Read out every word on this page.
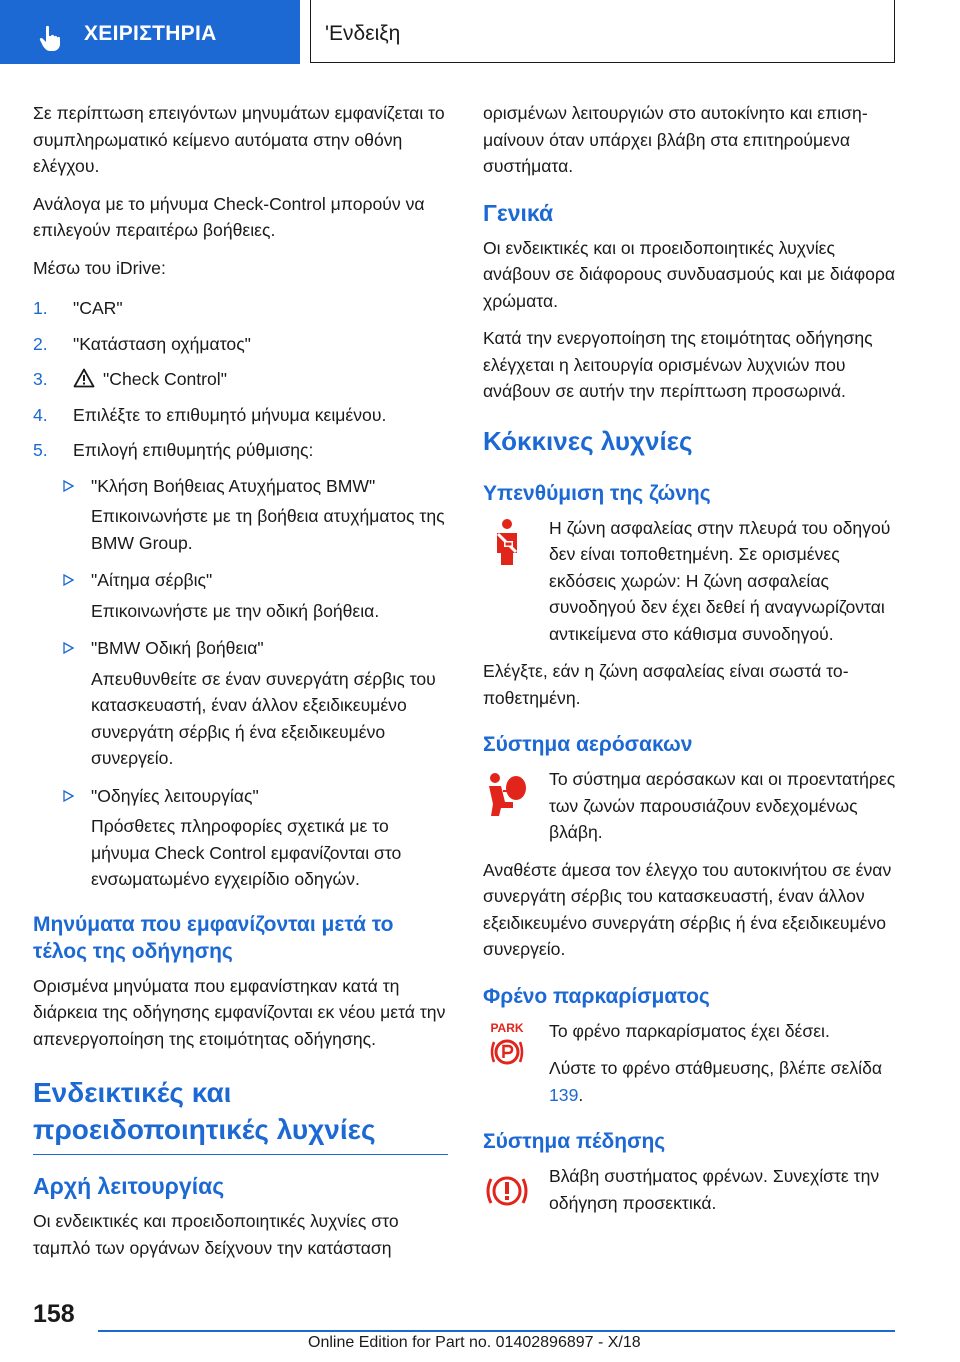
ΧΕΙΡΙΣΤΗΡΙΑ	'Ενδειξη

Σε περίπτωση επειγόντων μηνυμάτων εμφανίζεται το συμπληρωματικό κείμενο αυτόματα στην οθόνη ελέγχου.

Ανάλογα με το μήνυμα Check-Control μπορούν να επιλεγούν περαιτέρω βοήθειες.

Μέσω του iDrive:

1. "CAR"
2. "Κατάσταση οχήματος"
3.	"Check Control"
4. Επιλέξτε το επιθυμητό μήνυμα κειμένου.
5. Επιλογή επιθυμητής ρύθμισης:
"Κλήση Βοήθειας Ατυχήματος BMW"
Επικοινωνήστε με τη βοήθεια ατυχήματος της BMW Group.
"Αίτημα σέρβις"
Επικοινωνήστε με την οδική βοήθεια.
"BMW Οδική βοήθεια"
Απευθυνθείτε σε έναν συνεργάτη σέρβις του κατασκευαστή, έναν άλλον εξειδικευμένο συνεργάτη σέρβις ή ένα εξειδικευμένο συνεργείο.
"Οδηγίες λειτουργίας"
Πρόσθετες πληροφορίες σχετικά με το μήνυμα Check Control εμφανίζονται στο ενσωματωμένο εγχειρίδιο οδηγών.
Μηνύματα που εμφανίζονται μετά το τέλος της οδήγησης

Ορισμένα μηνύματα που εμφανίστηκαν κατά τη διάρκεια της οδήγησης εμφανίζονται εκ νέου μετά την απενεργοποίηση της ετοιμότητας οδήγησης.

Ενδεικτικές και προειδοποιητικές λυχνίες
Αρχή λειτουργίας

Οι ενδεικτικές και προειδοποιητικές λυχνίες στο ταμπλό των οργάνων δείχνουν την κατάσταση

ορισμένων λειτουργιών στο αυτοκίνητο και επισημαίνουν όταν υπάρχει βλάβη στα επιτηρούμενα συστήματα.

Γενικά

Οι ενδεικτικές και οι προειδοποιητικές λυχνίες ανάβουν σε διάφορους συνδυασμούς και με διάφορα χρώματα.

Κατά την ενεργοποίηση της ετοιμότητας οδήγησης ελέγχεται η λειτουργία ορισμένων λυχνιών που ανάβουν σε αυτήν την περίπτωση προσωρινά.

Κόκκινες λυχνίες
Υπενθύμιση της ζώνης

Η ζώνη ασφαλείας στην πλευρά του οδηγού δεν είναι τοποθετημένη. Σε ορισμένες εκδόσεις χωρών: Η ζώνη ασφαλείας συνοδηγού δεν έχει δεθεί ή αναγνωρίζονται αντικείμενα στο κάθισμα συνοδηγού.

Ελέγξτε, εάν η ζώνη ασφαλείας είναι σωστά τοποθετημένη.

Σύστημα αερόσακων

Το σύστημα αερόσακων και οι προεντατήρες των ζωνών παρουσιάζουν ενδεχομένως βλάβη.

Αναθέστε άμεσα τον έλεγχο του αυτοκινήτου σε έναν συνεργάτη σέρβις του κατασκευαστή, έναν άλλον εξειδικευμένο συνεργάτη σέρβις ή ένα εξειδικευμένο συνεργείο.

Φρένο παρκαρίσματος
PARK Το φρένο παρκαρίσματος έχει δέσει.

Λύστε το φρένο στάθμευσης, βλέπε σελίδα 139.

Σύστημα πέδησης

Βλάβη συστήματος φρένων. Συνεχίστε την οδήγηση προσεκτικά.

158
Online Edition for Part no. 01402896897 - X/18
